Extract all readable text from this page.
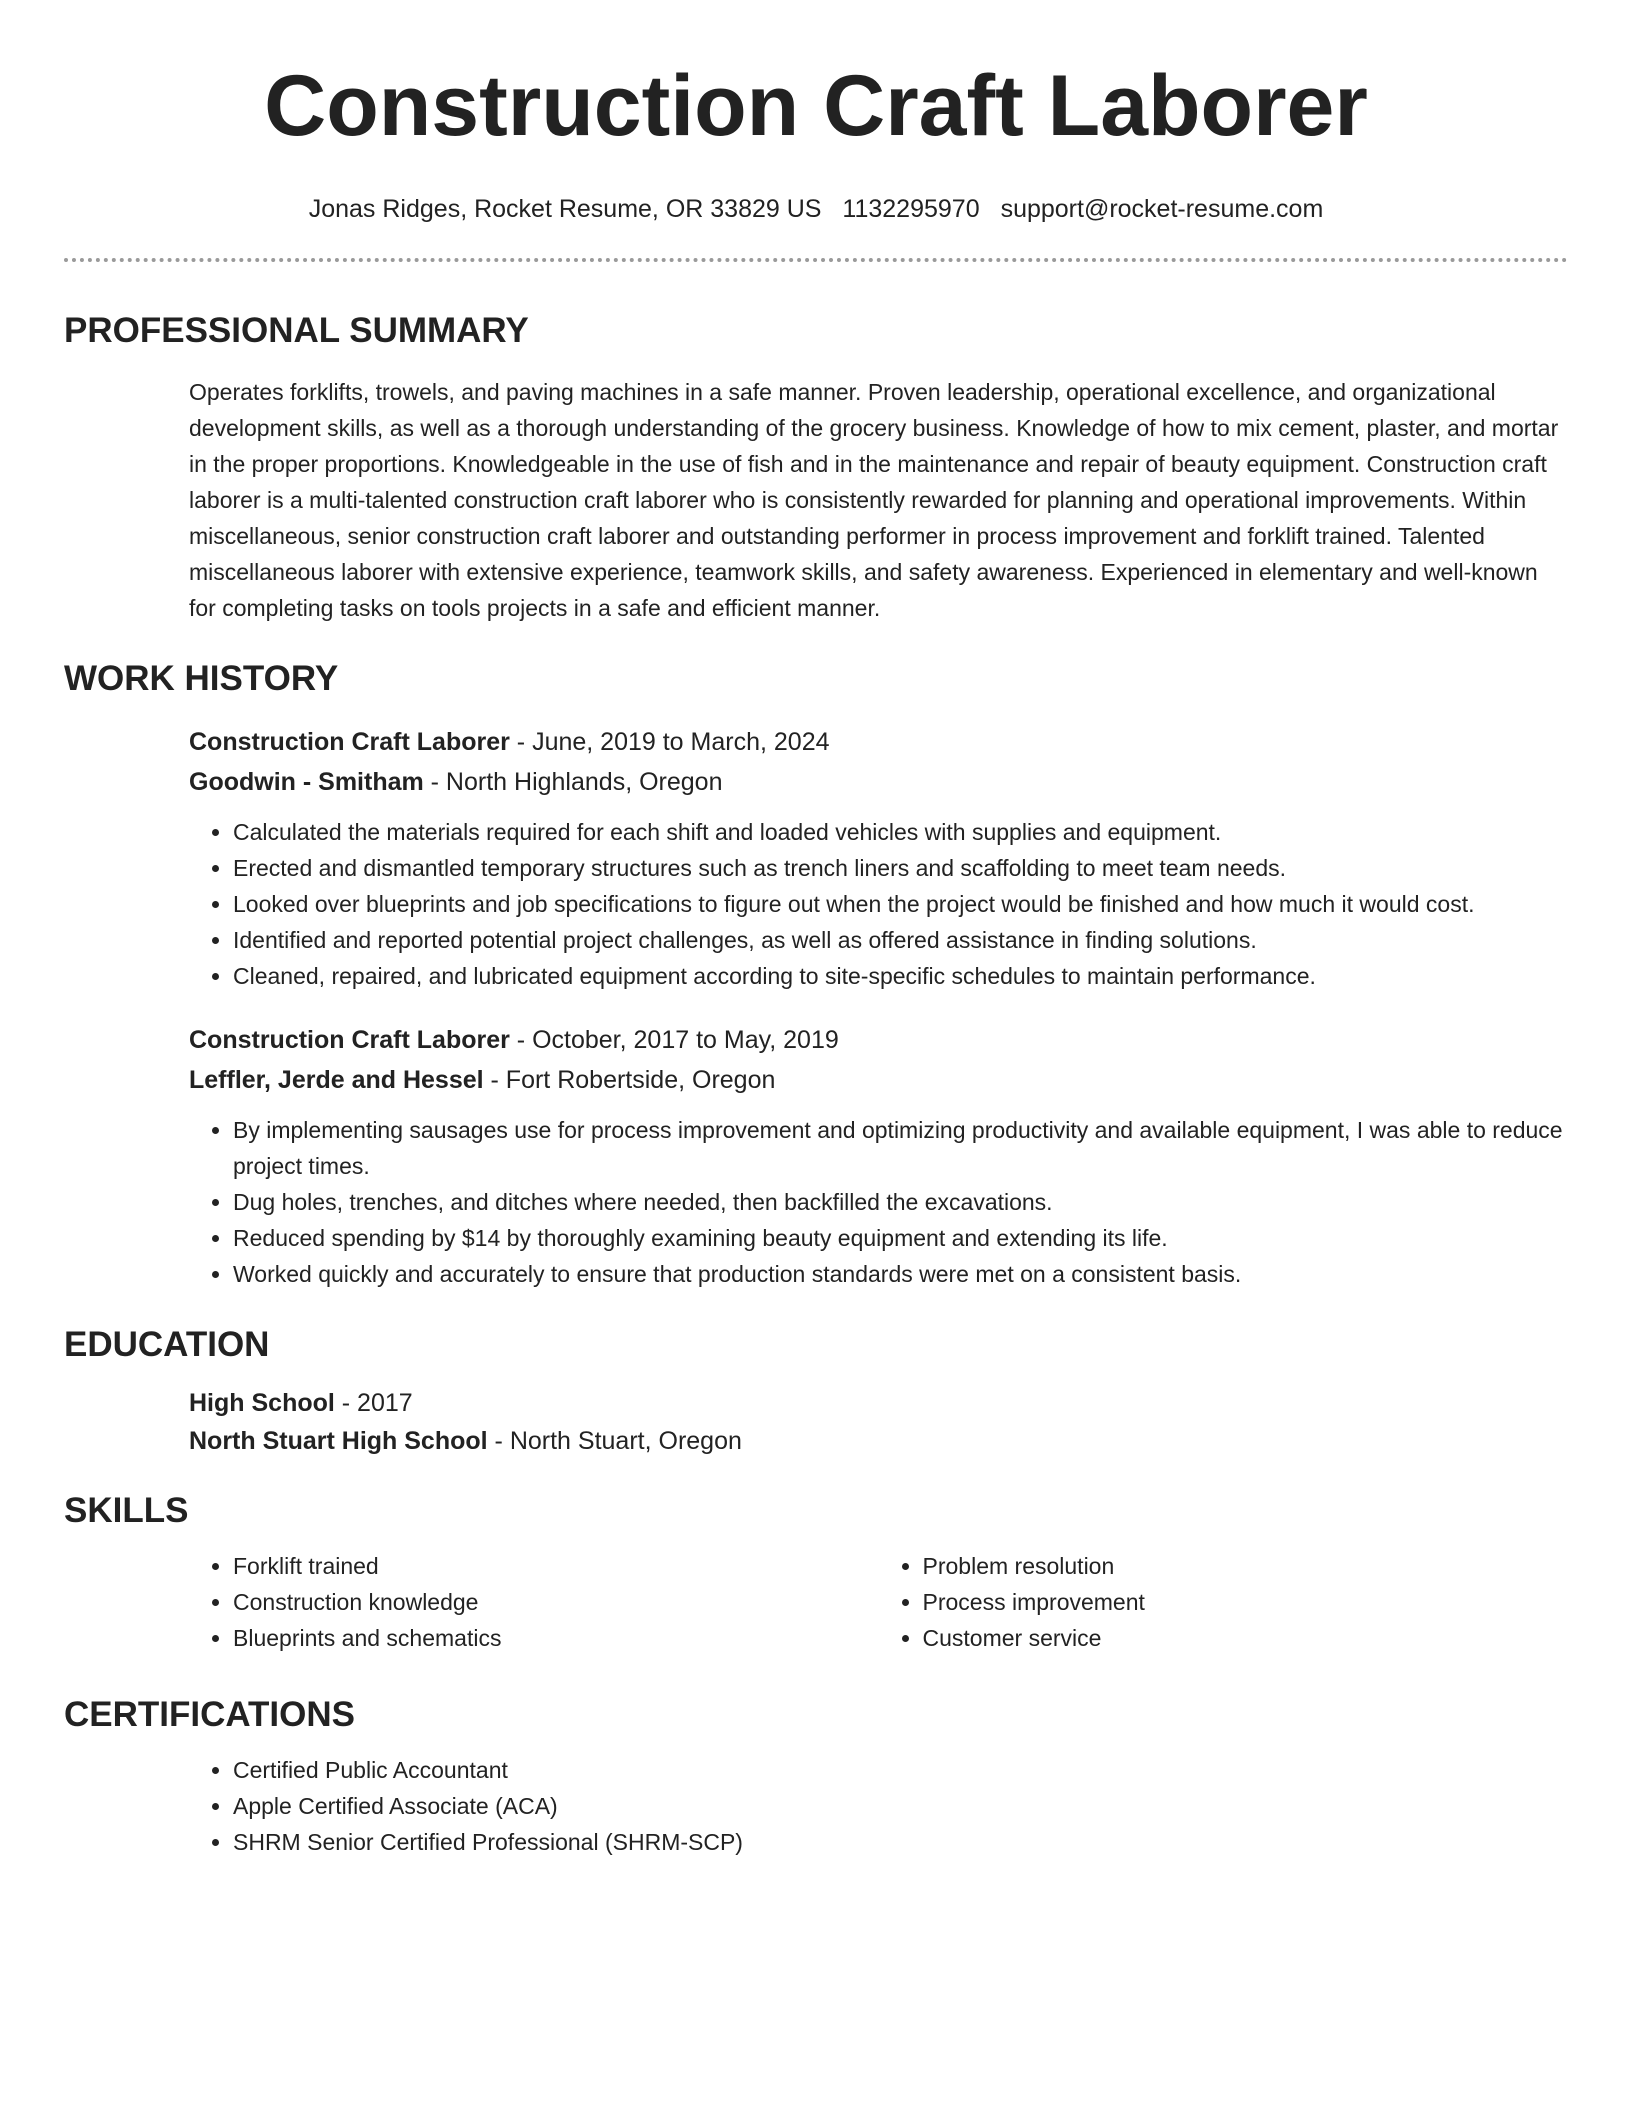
Construction Craft Laborer
Jonas Ridges, Rocket Resume, OR 33829 US 1132295970 support@rocket-resume.com
PROFESSIONAL SUMMARY

Operates forklifts, trowels, and paving machines in a safe manner. Proven leadership, operational excellence, and organizational development skills, as well as a thorough understanding of the grocery business. Knowledge of how to mix cement, plaster, and mortar in the proper proportions. Knowledgeable in the use of fish and in the maintenance and repair of beauty equipment. Construction craft laborer is a multi-talented construction craft laborer who is consistently rewarded for planning and operational improvements. Within miscellaneous, senior construction craft laborer and outstanding performer in process improvement and forklift trained. Talented miscellaneous laborer with extensive experience, teamwork skills, and safety awareness. Experienced in elementary and well-known for completing tasks on tools projects in a safe and efficient manner.

WORK HISTORY
Construction Craft Laborer - June, 2019 to March, 2024
Goodwin - Smitham - North Highlands, Oregon
• Calculated the materials required for each shift and loaded vehicles with supplies and equipment.
• Erected and dismantled temporary structures such as trench liners and scaffolding to meet team needs.
• Looked over blueprints and job specifications to figure out when the project would be finished and how much it would cost.
• Identified and reported potential project challenges, as well as offered assistance in finding solutions.
• Cleaned, repaired, and lubricated equipment according to site-specific schedules to maintain performance.
Construction Craft Laborer - October, 2017 to May, 2019
Leffler, Jerde and Hessel - Fort Robertside, Oregon
• By implementing sausages use for process improvement and optimizing productivity and available equipment, I was able to reduce project times.
• Dug holes, trenches, and ditches where needed, then backfilled the excavations.
• Reduced spending by $14 by thoroughly examining beauty equipment and extending its life.
• Worked quickly and accurately to ensure that production standards were met on a consistent basis.
EDUCATION
High School - 2017
North Stuart High School - North Stuart, Oregon
SKILLS
• Forklift trained
• Construction knowledge
• Blueprints and schematics
• Problem resolution
• Process improvement
• Customer service
CERTIFICATIONS
• Certified Public Accountant
• Apple Certified Associate (ACA)
• SHRM Senior Certified Professional (SHRM-SCP)
